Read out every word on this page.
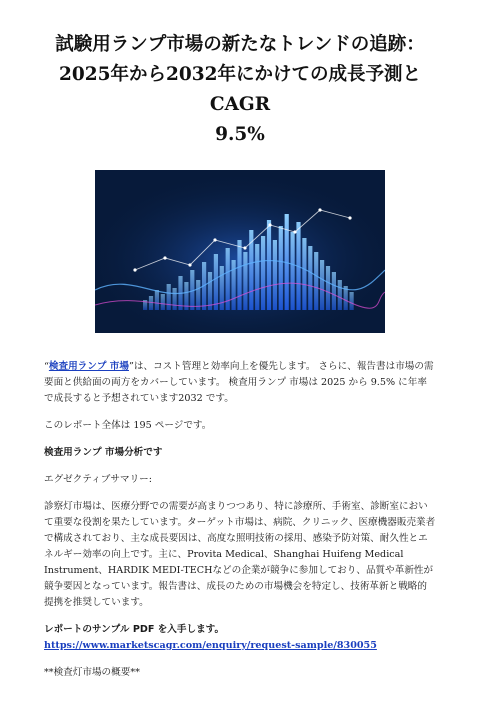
試験用ランプ市場の新たなトレンドの追跡：
2025年から2032年にかけての成長予測とCAGR
9.5%

“検査用ランプ 市場”は、コスト管理と効率向上を優先します。 さらに、報告書は市場の需要面と供給面の両方をカバーしています。 検査用ランプ 市場は 2025 から 9.5% に年率で成長すると予想されています2032 です。

このレポート全体は 195 ページです。

検査用ランプ 市場分析です

エグゼクティブサマリー:

診察灯市場は、医療分野での需要が高まりつつあり、特に診療所、手術室、診断室において重要な役割を果たしています。ターゲット市場は、病院、クリニック、医療機器販売業者で構成されており、主な成長要因は、高度な照明技術の採用、感染予防対策、耐久性とエネルギー効率の向上です。主に、Provita Medical、Shanghai Huifeng Medical Instrument、HARDIK MEDI-TECHなどの企業が競争に参加しており、品質や革新性が競争要因となっています。報告書は、成長のための市場機会を特定し、技術革新と戦略的提携を推奨しています。

レポートのサンプル PDF を入手します。 https://www.marketscagr.com/enquiry/request-sample/830055

**検査灯市場の概要**
